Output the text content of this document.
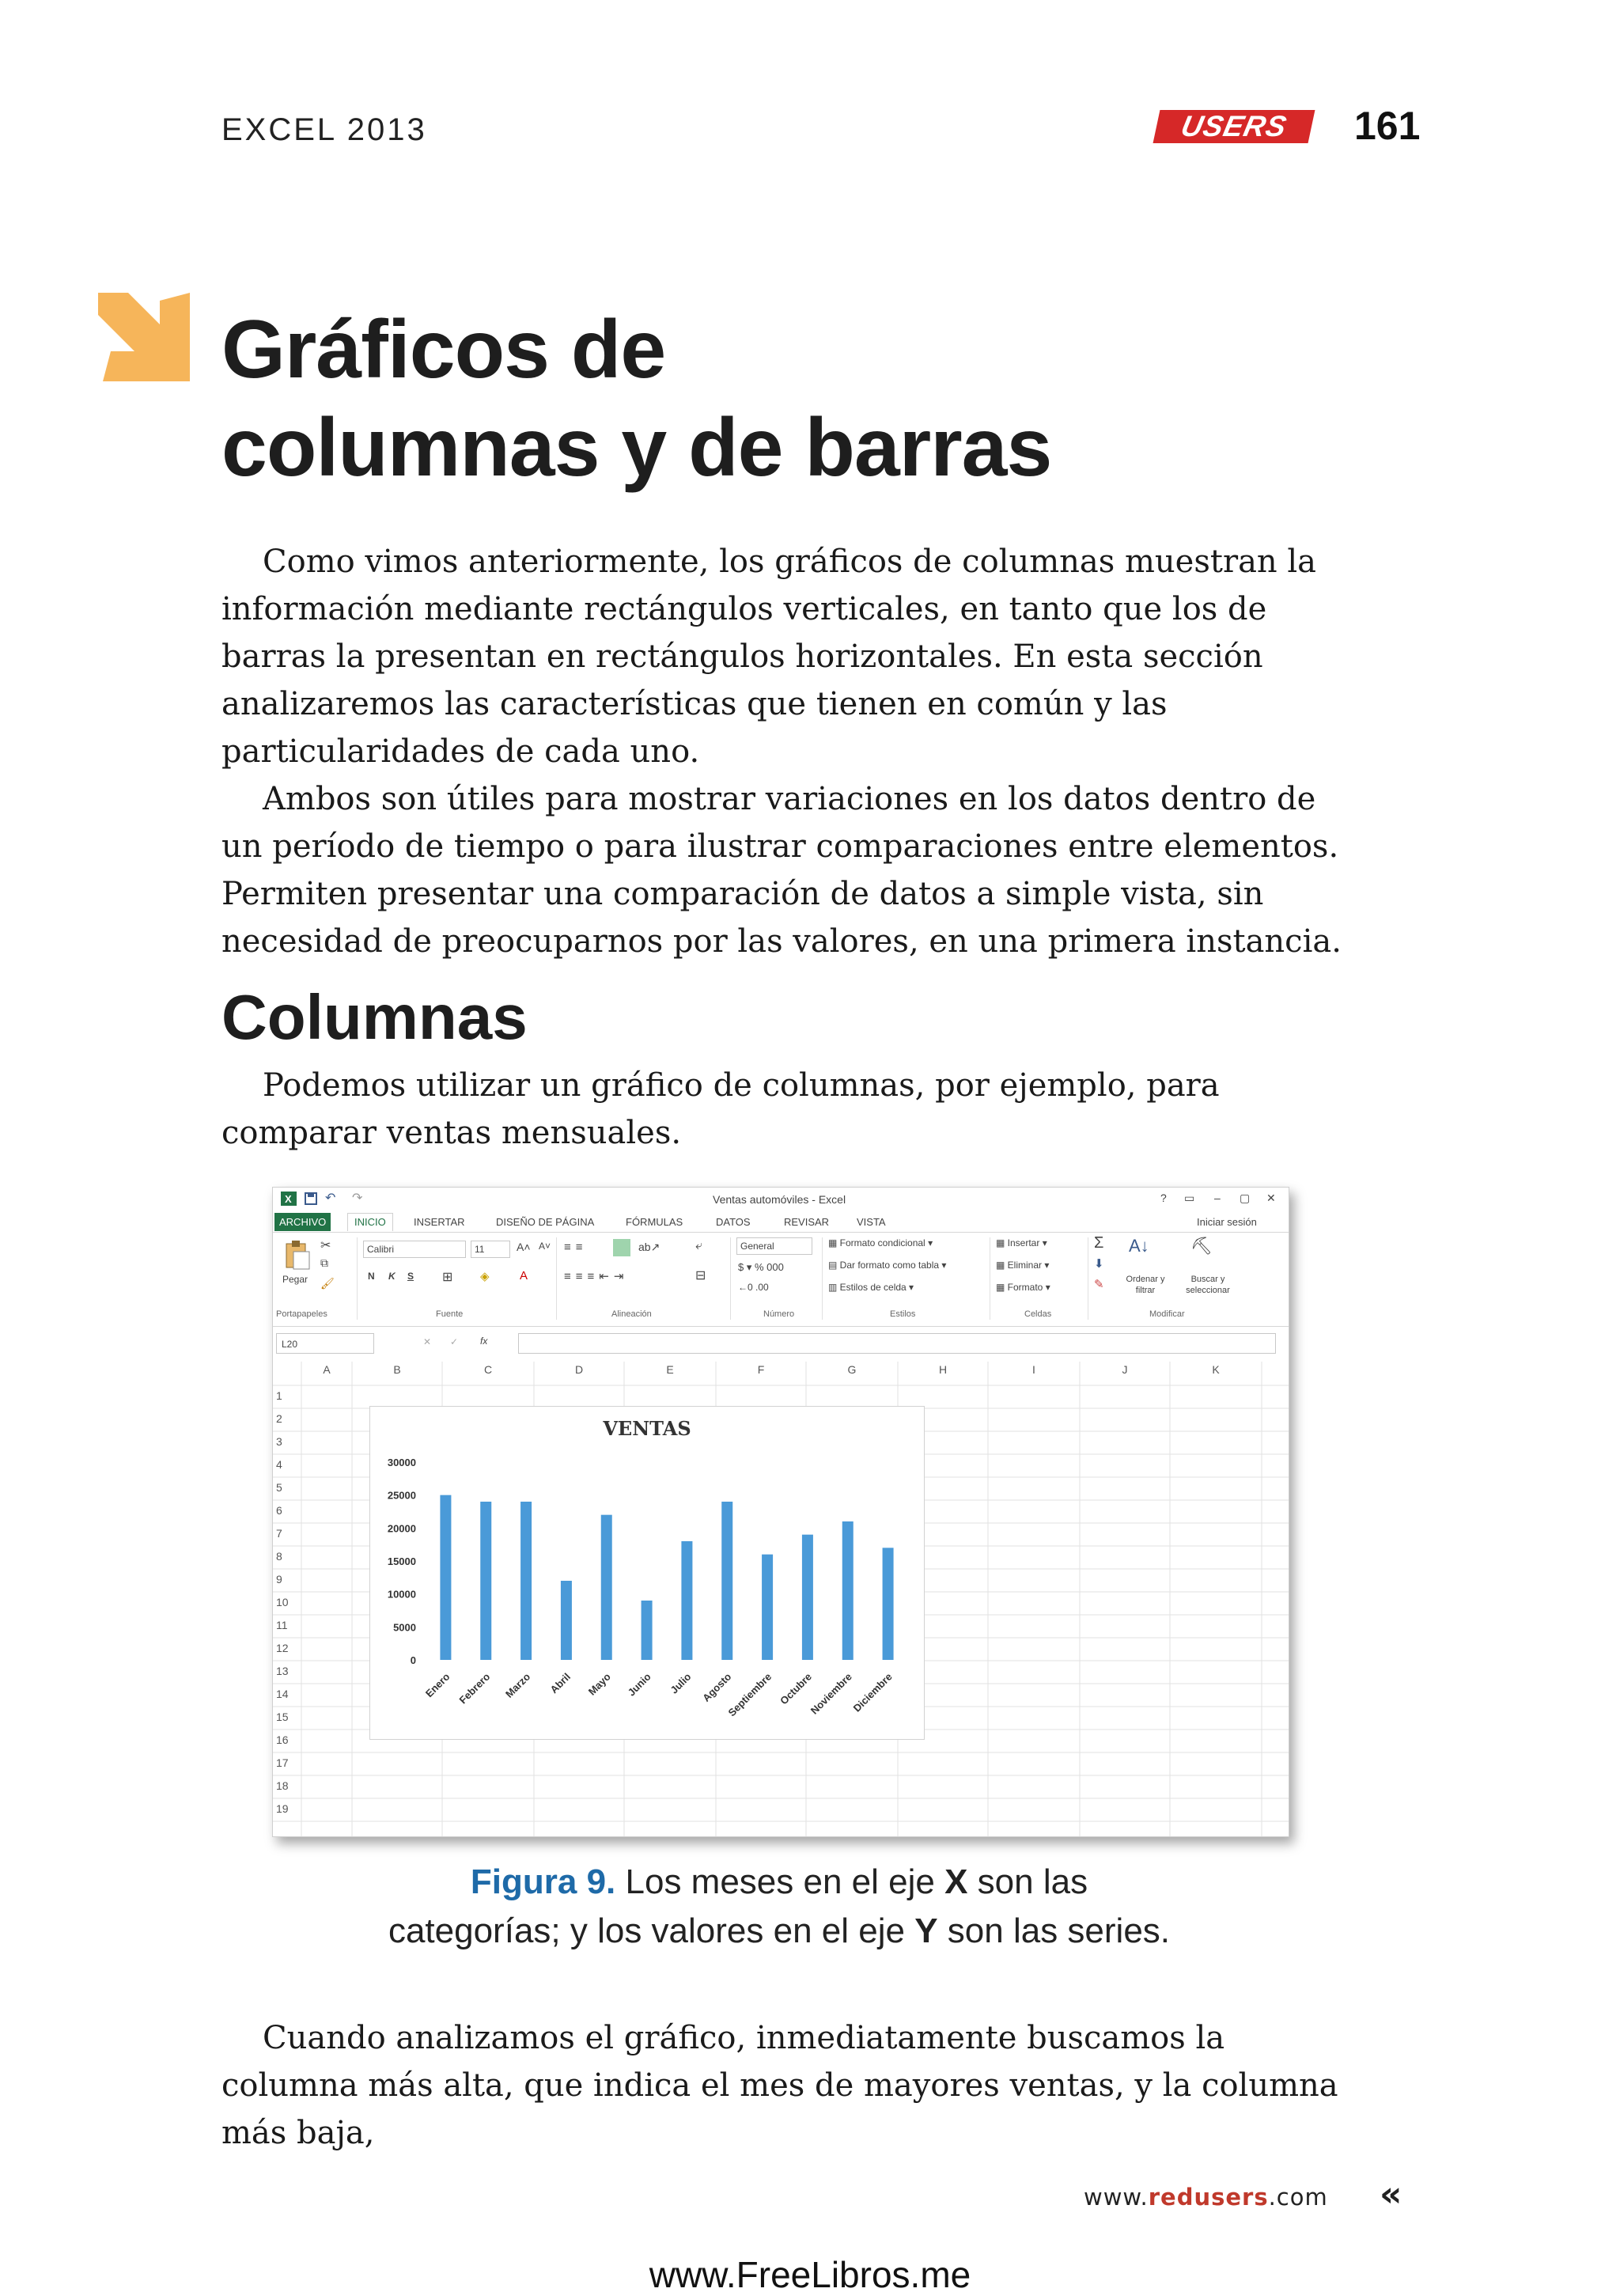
EXCEL 2013	USERS	161
Gráficos de
columnas y de barras

Como vimos anteriormente, los gráficos de columnas muestran la información mediante rectángulos verticales, en tanto que los de barras la presentan en rectángulos horizontales. En esta sección analizaremos las características que tienen en común y las particularidades de cada uno.

Ambos son útiles para mostrar variaciones en los datos dentro de un período de tiempo o para ilustrar comparaciones entre elementos. Permiten presentar una comparación de datos a simple vista, sin necesidad de preocuparnos por las valores, en una primera instancia.

Columnas

Podemos utilizar un gráfico de columnas, por ejemplo, para comparar ventas mensuales.

X	↶ ↷	Ventas automóviles - Excel	? ▭ – ▢ ✕
ARCHIVO	INICIO	INSERTAR	DISEÑO DE PÁGINA	FÓRMULAS	DATOS	REVISAR	VISTA	Iniciar sesión
Pegar
✂
⧉
🖌
Portapapeles
Calibri	11	A˄ A˅
N K S ⊞ ◈	A
Fuente
≡≡	ab↗
≡≡≡⇤⇥
⤶
⊟
Alineación
General
$ ▾ % 000
←0 .00
Número
▦ Formato condicional ▾
▤ Dar formato como tabla ▾
▥ Estilos de celda ▾
Estilos
▦ Insertar ▾
▦ Eliminar ▾
▦ Formato ▾
Celdas
Σ
⬇
✎
A↓
Ordenar y filtrar
⛏
Buscar y seleccionar
Modificar
L20	✕ ✓ fx
A	B	C	D	E	F	G	H	I	J	K
1
2
3
4
5
6
7
8
9
10
11
12
13
14
15
16
17
18
19
VENTAS
0
5000
10000
15000
20000
25000
30000
Enero Febrero Marzo Abril Mayo Junio Julio Agosto
Septiembre Octubre
Noviembre
Diciembre
Figura 9. Los meses en el eje X son las
categorías; y los valores en el eje Y son las series.

Cuando analizamos el gráfico, inmediatamente buscamos la columna más alta, que indica el mes de mayores ventas, y la columna más baja,

www.redusers.com «
www.FreeLibros.me
